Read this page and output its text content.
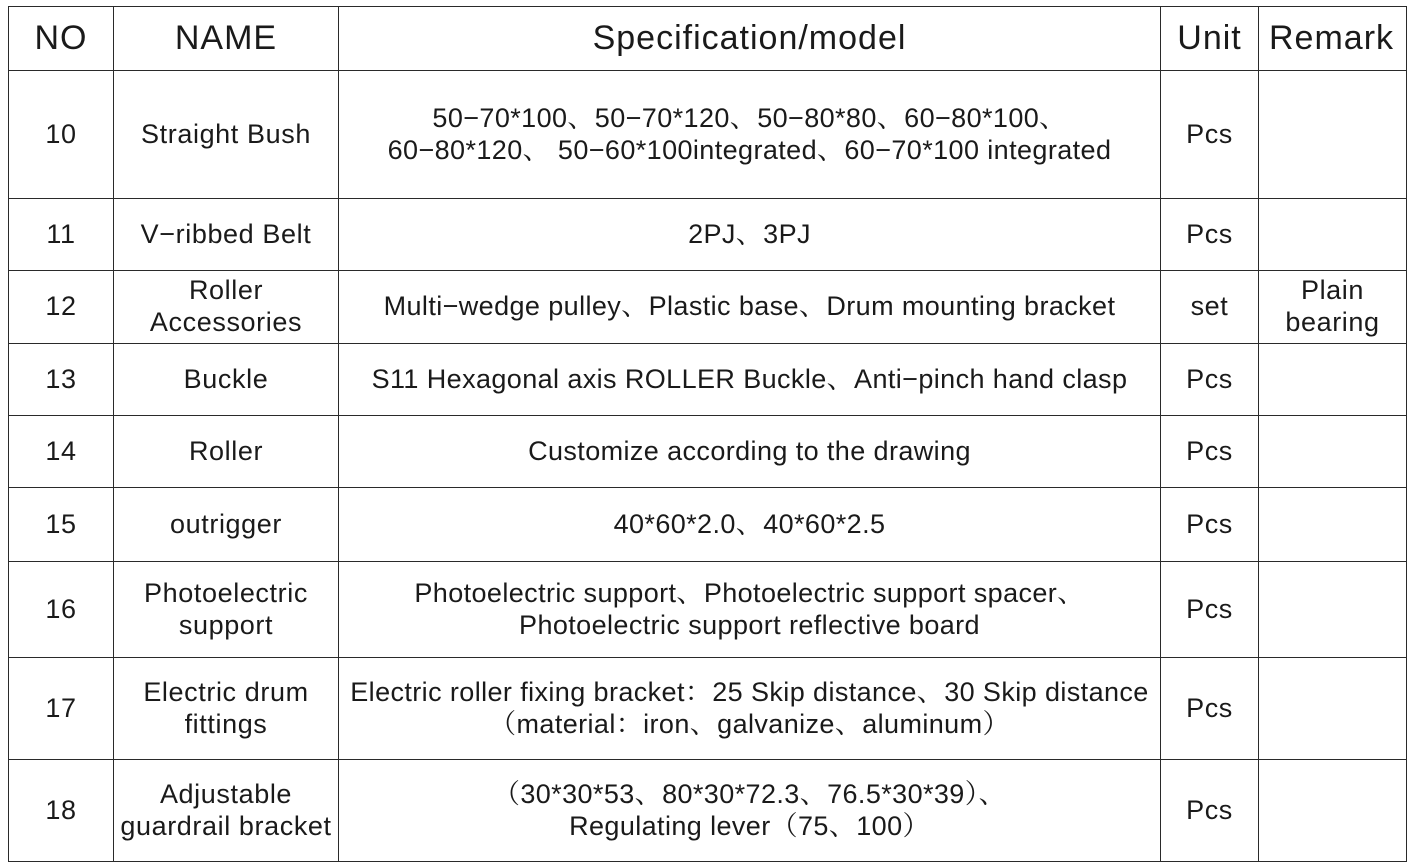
NO	NAME	Specification/model	Unit	Remark
10	Straight Bush	50−70*100、50−70*120、50−80*80、60−80*100、60−80*120、 50−60*100integrated、60−70*100 integrated	Pcs	
11	V−ribbed Belt	2PJ、3PJ	Pcs	
12	Roller Accessories	Multi−wedge pulley、Plastic base、Drum mounting bracket	set	Plain bearing
13	Buckle	S11 Hexagonal axis ROLLER Buckle、Anti−pinch hand clasp	Pcs	
14	Roller	Customize according to the drawing	Pcs	
15	outrigger	40*60*2.0、40*60*2.5	Pcs	
16	Photoelectric support	Photoelectric support、Photoelectric support spacer、Photoelectric support reflective board	Pcs	
17	Electric drum fittings	Electric roller fixing bracket：25 Skip distance、30 Skip distance （material：iron、galvanize、aluminum）	Pcs	
18	Adjustable guardrail bracket	（30*30*53、80*30*72.3、76.5*30*39）、Regulating lever（75、100）	Pcs	
